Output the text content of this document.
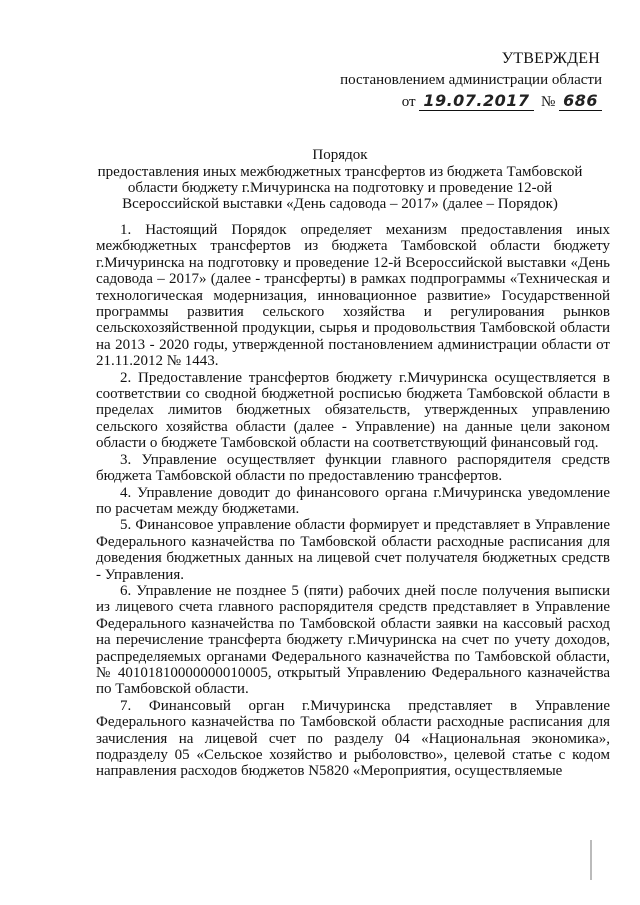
УТВЕРЖДЕН
постановлением администрации области
от 19.07.2017 № 686
Порядок
предоставления иных межбюджетных трансфертов из бюджета Тамбовской области бюджету г.Мичуринска на подготовку и проведение 12-ой Всероссийской выставки «День садовода – 2017» (далее – Порядок)

1. Настоящий Порядок определяет механизм предоставления иных межбюджетных трансфертов из бюджета Тамбовской области бюджету г.Мичуринска на подготовку и проведение 12-й Всероссийской выставки «День садовода – 2017» (далее - трансферты) в рамках подпрограммы «Техническая и технологическая модернизация, инновационное развитие» Государственной программы развития сельского хозяйства и регулирования рынков сельскохозяйственной продукции, сырья и продовольствия Тамбовской области на 2013 - 2020 годы, утвержденной постановлением администрации области от 21.11.2012 № 1443.

2. Предоставление трансфертов бюджету г.Мичуринска осуществляется в соответствии со сводной бюджетной росписью бюджета Тамбовской области в пределах лимитов бюджетных обязательств, утвержденных управлению сельского хозяйства области (далее - Управление) на данные цели законом области о бюджете Тамбовской области на соответствующий финансовый год.

3. Управление осуществляет функции главного распорядителя средств бюджета Тамбовской области по предоставлению трансфертов.

4. Управление доводит до финансового органа г.Мичуринска уведомление по расчетам между бюджетами.

5. Финансовое управление области формирует и представляет в Управление Федерального казначейства по Тамбовской области расходные расписания для доведения бюджетных данных на лицевой счет получателя бюджетных средств - Управления.

6. Управление не позднее 5 (пяти) рабочих дней после получения выписки из лицевого счета главного распорядителя средств представляет в Управление Федерального казначейства по Тамбовской области заявки на кассовый расход на перечисление трансферта бюджету г.Мичуринска на счет по учету доходов, распределяемых органами Федерального казначейства по Тамбовской области, № 40101810000000010005, открытый Управлению Федерального казначейства по Тамбовской области.

7. Финансовый орган г.Мичуринска представляет в Управление Федерального казначейства по Тамбовской области расходные расписания для зачисления на лицевой счет по разделу 04 «Национальная экономика», подразделу 05 «Сельское хозяйство и рыболовство», целевой статье с кодом направления расходов бюджетов N5820 «Мероприятия, осуществляемые
